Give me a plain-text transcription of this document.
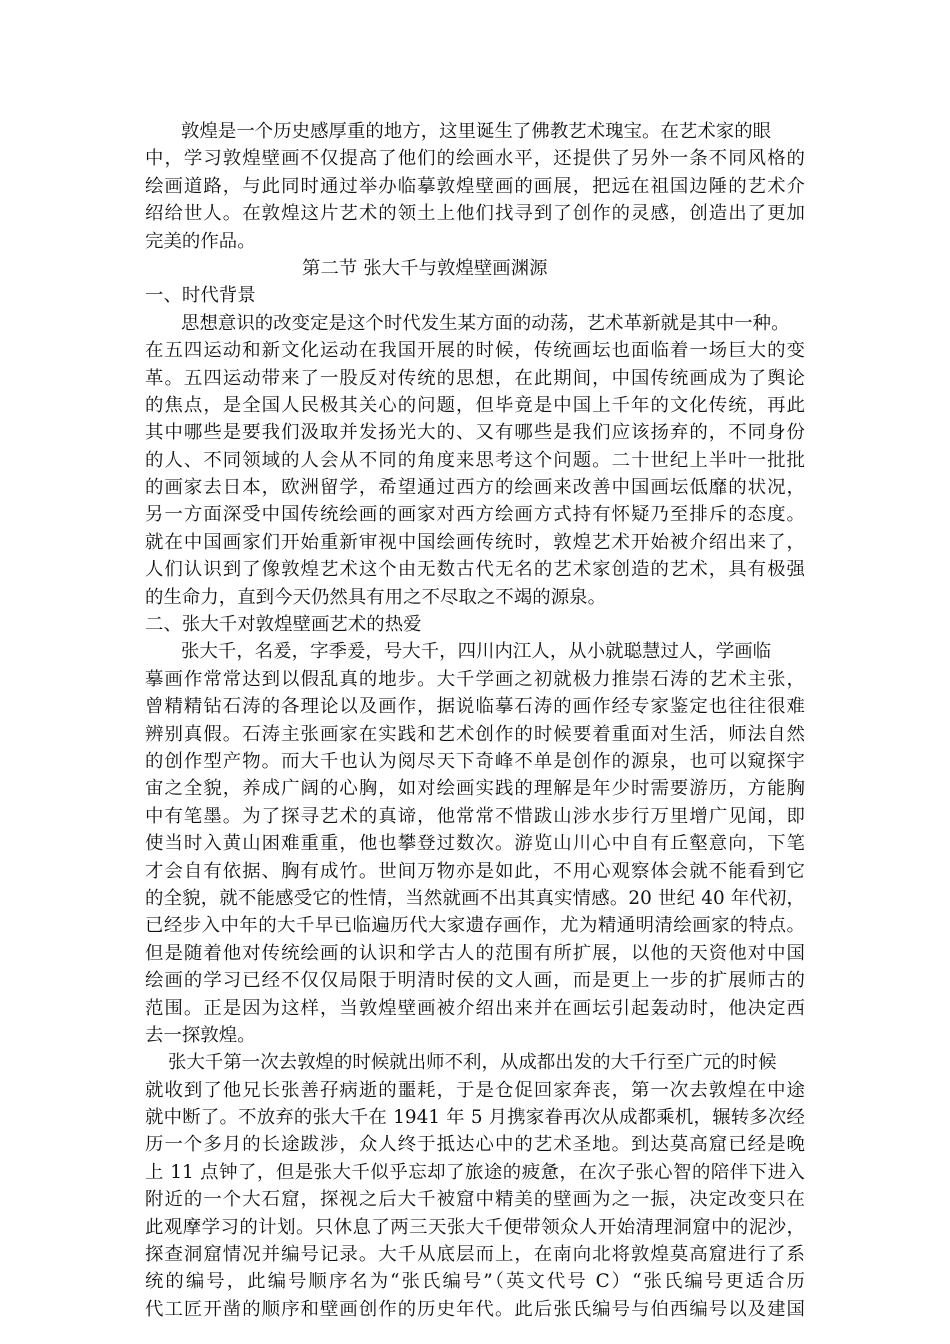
敦煌是一个历史感厚重的地方，这里诞生了佛教艺术瑰宝。在艺术家的眼
中，学习敦煌壁画不仅提高了他们的绘画水平，还提供了另外一条不同风格的
绘画道路，与此同时通过举办临摹敦煌壁画的画展，把远在祖国边陲的艺术介
绍给世人。在敦煌这片艺术的领土上他们找寻到了创作的灵感，创造出了更加
完美的作品。
第二节 张大千与敦煌壁画渊源
一、时代背景
思想意识的改变定是这个时代发生某方面的动荡，艺术革新就是其中一种。
在五四运动和新文化运动在我国开展的时候，传统画坛也面临着一场巨大的变
革。五四运动带来了一股反对传统的思想，在此期间，中国传统画成为了舆论
的焦点，是全国人民极其关心的问题，但毕竟是中国上千年的文化传统，再此
其中哪些是要我们汲取并发扬光大的、又有哪些是我们应该扬弃的，不同身份
的人、不同领域的人会从不同的角度来思考这个问题。二十世纪上半叶一批批
的画家去日本，欧洲留学，希望通过西方的绘画来改善中国画坛低靡的状况，
另一方面深受中国传统绘画的画家对西方绘画方式持有怀疑乃至排斥的态度。
就在中国画家们开始重新审视中国绘画传统时，敦煌艺术开始被介绍出来了，
人们认识到了像敦煌艺术这个由无数古代无名的艺术家创造的艺术，具有极强
的生命力，直到今天仍然具有用之不尽取之不竭的源泉。
二、张大千对敦煌壁画艺术的热爱
张大千，名爰，字季爰，号大千，四川内江人，从小就聪慧过人，学画临
摹画作常常达到以假乱真的地步。大千学画之初就极力推崇石涛的艺术主张，
曾精精钻石涛的各理论以及画作，据说临摹石涛的画作经专家鉴定也往往很难
辨别真假。石涛主张画家在实践和艺术创作的时候要着重面对生活，师法自然
的创作型产物。而大千也认为阅尽天下奇峰不单是创作的源泉，也可以窥探宇
宙之全貌，养成广阔的心胸，如对绘画实践的理解是年少时需要游历，方能胸
中有笔墨。为了探寻艺术的真谛，他常常不惜跋山涉水步行万里增广见闻，即
使当时入黄山困难重重，他也攀登过数次。游览山川心中自有丘壑意向，下笔
才会自有依据、胸有成竹。世间万物亦是如此，不用心观察体会就不能看到它
的全貌，就不能感受它的性情，当然就画不出其真实情感。20 世纪 40 年代初，
已经步入中年的大千早已临遍历代大家遗存画作，尤为精通明清绘画家的特点。
但是随着他对传统绘画的认识和学古人的范围有所扩展，以他的天资他对中国
绘画的学习已经不仅仅局限于明清时侯的文人画，而是更上一步的扩展师古的
范围。正是因为这样，当敦煌壁画被介绍出来并在画坛引起轰动时，他决定西
去一探敦煌。
张大千第一次去敦煌的时候就出师不利，从成都出发的大千行至广元的时候
就收到了他兄长张善孖病逝的噩耗，于是仓促回家奔丧，第一次去敦煌在中途
就中断了。不放弃的张大千在 1941 年 5 月携家眷再次从成都乘机，辗转多次经
历一个多月的长途跋涉，众人终于抵达心中的艺术圣地。到达莫高窟已经是晚
上 11 点钟了，但是张大千似乎忘却了旅途的疲惫，在次子张心智的陪伴下进入
附近的一个大石窟，探视之后大千被窟中精美的壁画为之一振，决定改变只在
此观摩学习的计划。只休息了两三天张大千便带领众人开始清理洞窟中的泥沙，
探查洞窟情况并编号记录。大千从底层而上，在南向北将敦煌莫高窟进行了系
统的编号，此编号顺序名为“张氏编号”（英文代号 C）“张氏编号更适合历
代工匠开凿的顺序和壁画创作的历史年代。此后张氏编号与伯西编号以及建国
